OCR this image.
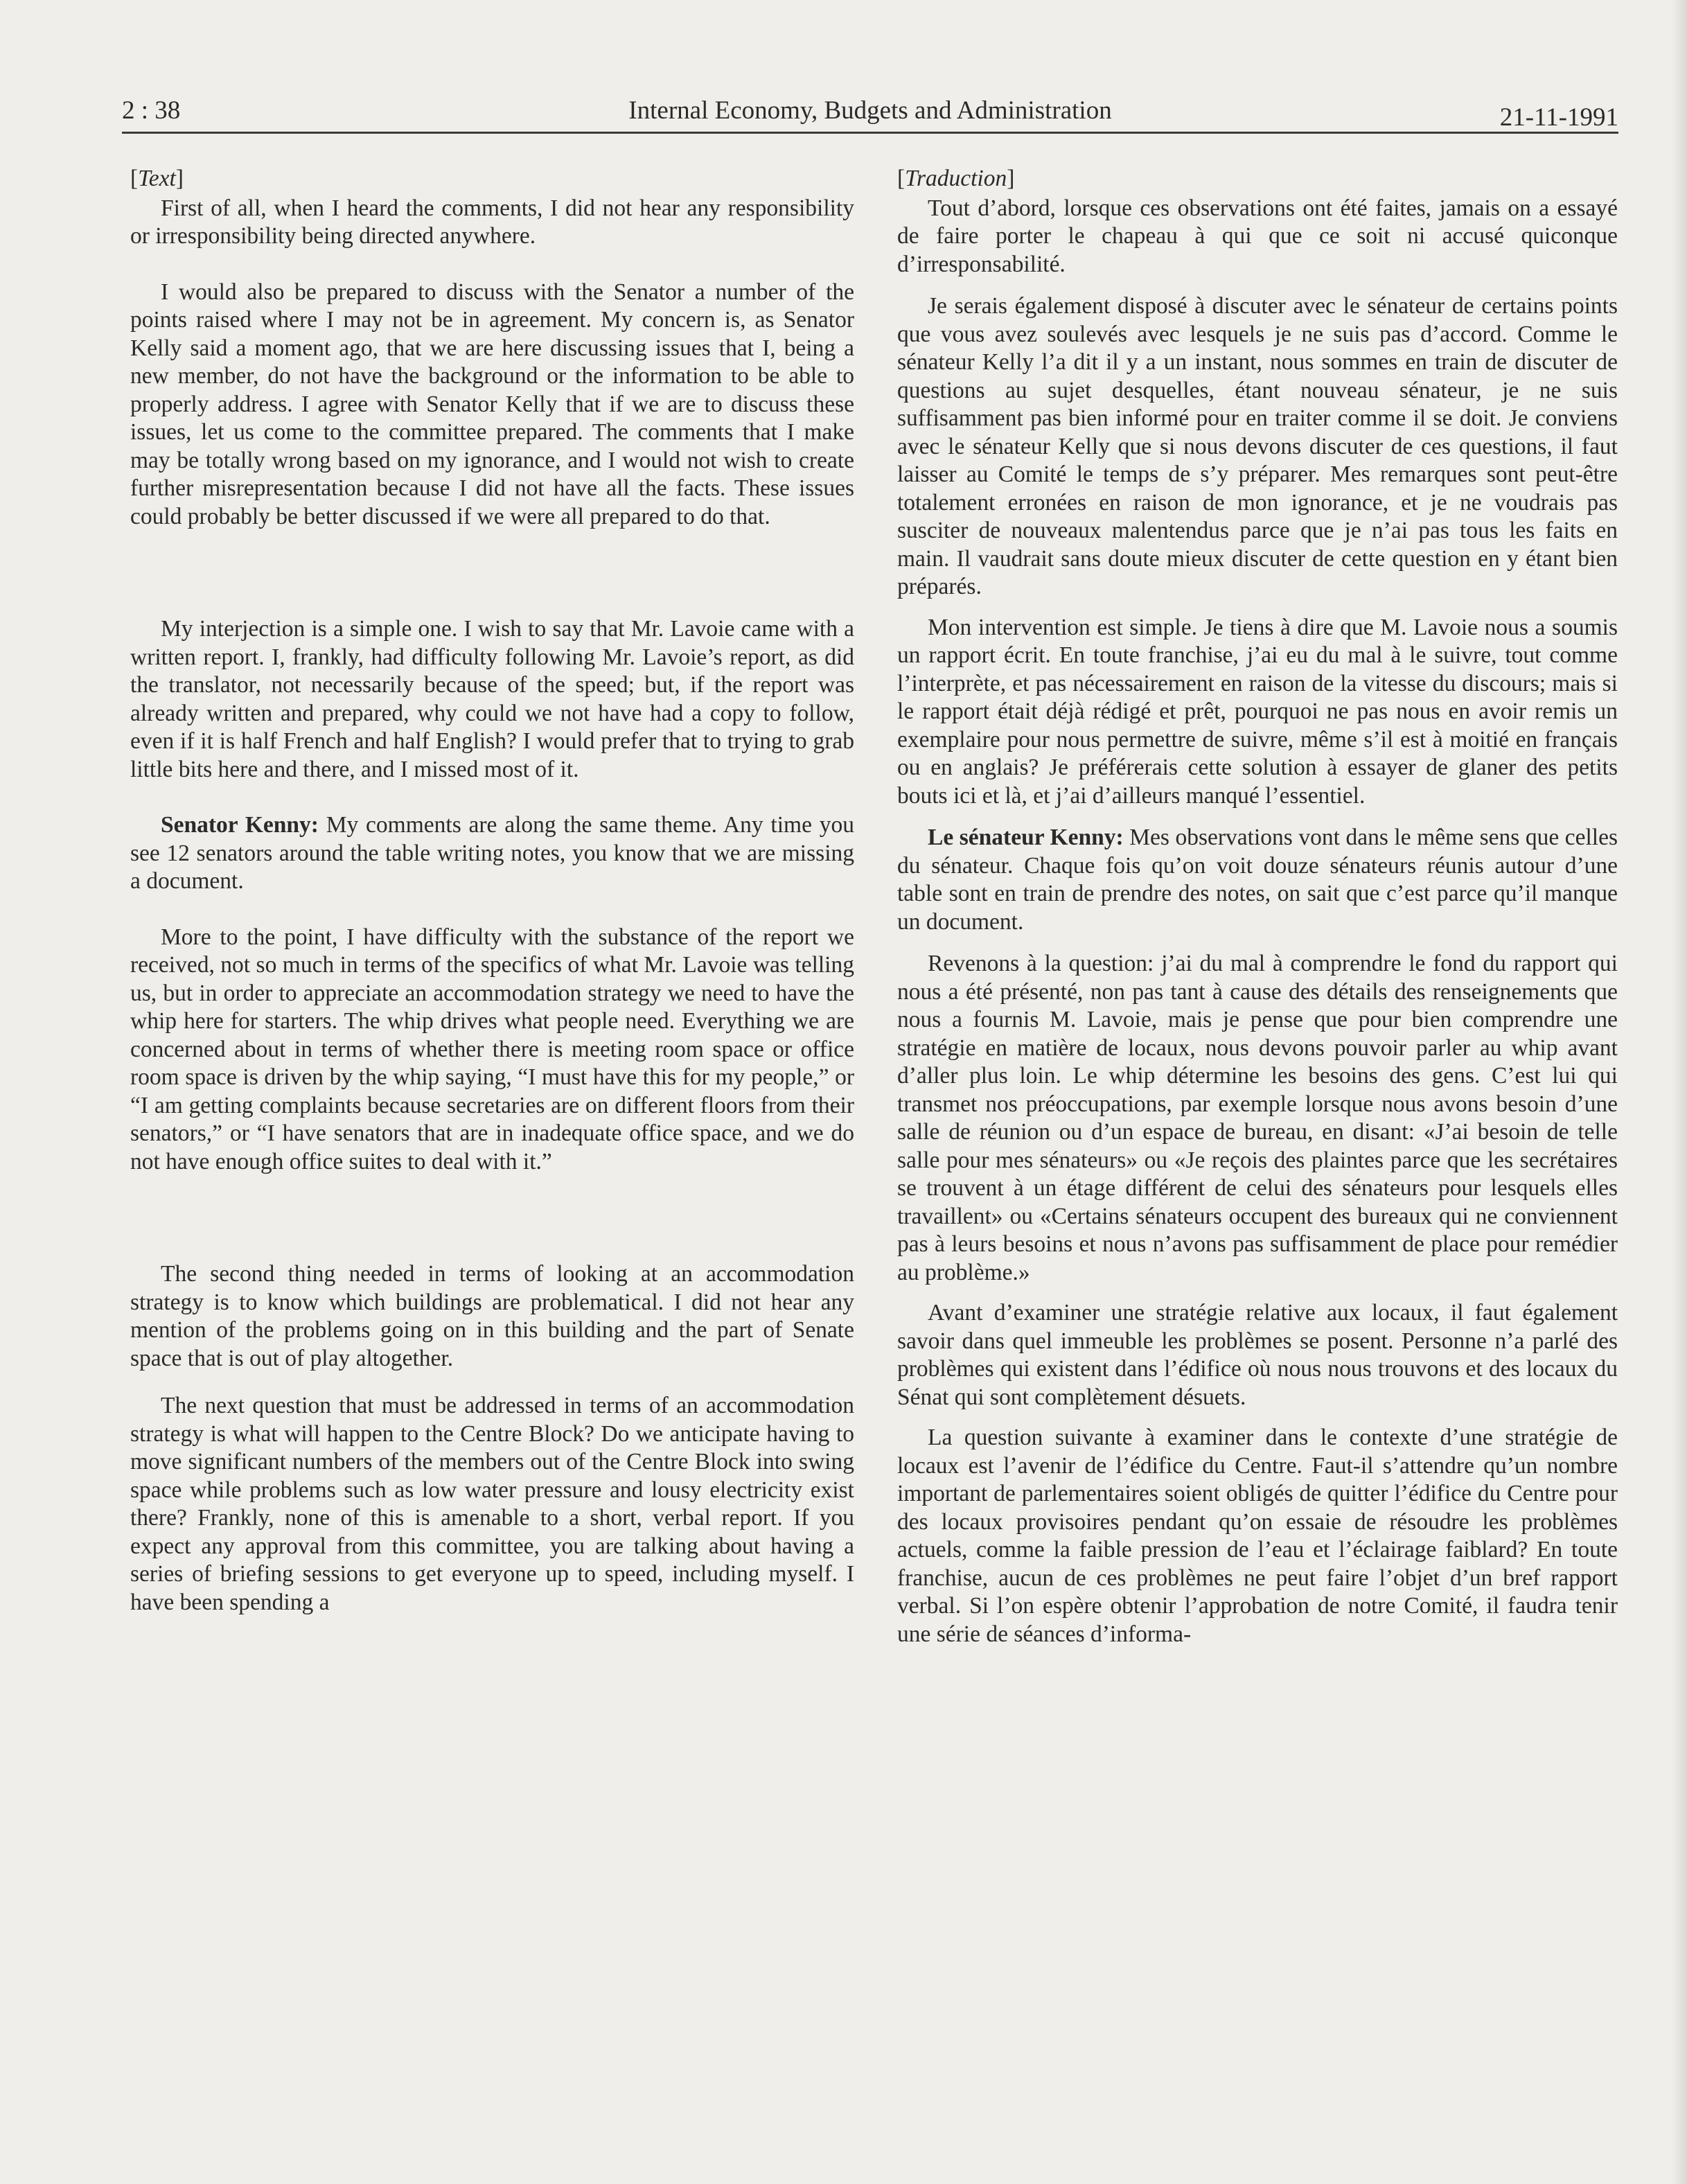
2 : 38	Internal Economy, Budgets and Administration	21-11-1991
[ Text ]

First of all, when I heard the comments, I did not hear any responsibility or irresponsibility being directed anywhere.

I would also be prepared to discuss with the Senator a number of the points raised where I may not be in agreement. My concern is, as Senator Kelly said a moment ago, that we are here discussing issues that I, being a new member, do not have the background or the information to be able to properly address. I agree with Senator Kelly that if we are to discuss these issues, let us come to the committee prepared. The comments that I make may be totally wrong based on my ignorance, and I would not wish to create further misrepresentation because I did not have all the facts. These issues could probably be better discussed if we were all prepared to do that.

My interjection is a simple one. I wish to say that Mr. Lavoie came with a written report. I, frankly, had difficulty following Mr. Lavoie’s report, as did the translator, not necessarily because of the speed; but, if the report was already written and prepared, why could we not have had a copy to follow, even if it is half French and half English? I would prefer that to trying to grab little bits here and there, and I missed most of it.

Senator Kenny: My comments are along the same theme. Any time you see 12 senators around the table writing notes, you know that we are missing a document.

More to the point, I have difficulty with the substance of the report we received, not so much in terms of the specifics of what Mr. Lavoie was telling us, but in order to appreciate an accommodation strategy we need to have the whip here for starters. The whip drives what people need. Everything we are concerned about in terms of whether there is meeting room space or office room space is driven by the whip saying, “I must have this for my people,” or “I am getting complaints because secretaries are on different floors from their senators,” or “I have senators that are in inadequate office space, and we do not have enough office suites to deal with it.”

The second thing needed in terms of looking at an accommodation strategy is to know which buildings are problematical. I did not hear any mention of the problems going on in this building and the part of Senate space that is out of play altogether.

The next question that must be addressed in terms of an accommodation strategy is what will happen to the Centre Block? Do we anticipate having to move significant numbers of the members out of the Centre Block into swing space while problems such as low water pressure and lousy electricity exist there? Frankly, none of this is amenable to a short, verbal report. If you expect any approval from this committee, you are talking about having a series of briefing sessions to get everyone up to speed, including myself. I have been spending a

[ Traduction ]

Tout d’abord, lorsque ces observations ont été faites, jamais on a essayé de faire porter le chapeau à qui que ce soit ni accusé quiconque d’irresponsabilité.

Je serais également disposé à discuter avec le sénateur de certains points que vous avez soulevés avec lesquels je ne suis pas d’accord. Comme le sénateur Kelly l’a dit il y a un instant, nous sommes en train de discuter de questions au sujet desquelles, étant nouveau sénateur, je ne suis suffisamment pas bien informé pour en traiter comme il se doit. Je conviens avec le sénateur Kelly que si nous devons discuter de ces questions, il faut laisser au Comité le temps de s’y préparer. Mes remarques sont peut-être totalement erronées en raison de mon ignorance, et je ne voudrais pas susciter de nouveaux malentendus parce que je n’ai pas tous les faits en main. Il vaudrait sans doute mieux discuter de cette question en y étant bien préparés.

Mon intervention est simple. Je tiens à dire que M. Lavoie nous a soumis un rapport écrit. En toute franchise, j’ai eu du mal à le suivre, tout comme l’interprète, et pas nécessairement en raison de la vitesse du discours; mais si le rapport était déjà rédigé et prêt, pourquoi ne pas nous en avoir remis un exemplaire pour nous permettre de suivre, même s’il est à moitié en français ou en anglais? Je préférerais cette solution à essayer de glaner des petits bouts ici et là, et j’ai d’ailleurs manqué l’essentiel.

Le sénateur Kenny: Mes observations vont dans le même sens que celles du sénateur. Chaque fois qu’on voit douze sénateurs réunis autour d’une table sont en train de prendre des notes, on sait que c’est parce qu’il manque un document.

Revenons à la question: j’ai du mal à comprendre le fond du rapport qui nous a été présenté, non pas tant à cause des détails des renseignements que nous a fournis M. Lavoie, mais je pense que pour bien comprendre une stratégie en matière de locaux, nous devons pouvoir parler au whip avant d’aller plus loin. Le whip détermine les besoins des gens. C’est lui qui transmet nos préoccupations, par exemple lorsque nous avons besoin d’une salle de réunion ou d’un espace de bureau, en disant: «J’ai besoin de telle salle pour mes sénateurs» ou «Je reçois des plaintes parce que les secrétaires se trouvent à un étage différent de celui des sénateurs pour lesquels elles travaillent» ou «Certains sénateurs occupent des bureaux qui ne conviennent pas à leurs besoins et nous n’avons pas suffisamment de place pour remédier au problème.»

Avant d’examiner une stratégie relative aux locaux, il faut également savoir dans quel immeuble les problèmes se posent. Personne n’a parlé des problèmes qui existent dans l’édifice où nous nous trouvons et des locaux du Sénat qui sont complètement désuets.

La question suivante à examiner dans le contexte d’une stratégie de locaux est l’avenir de l’édifice du Centre. Faut-il s’attendre qu’un nombre important de parlementaires soient obligés de quitter l’édifice du Centre pour des locaux provisoires pendant qu’on essaie de résoudre les problèmes actuels, comme la faible pression de l’eau et l’éclairage faiblard? En toute franchise, aucun de ces problèmes ne peut faire l’objet d’un bref rapport verbal. Si l’on espère obtenir l’approbation de notre Comité, il faudra tenir une série de séances d’informa-
